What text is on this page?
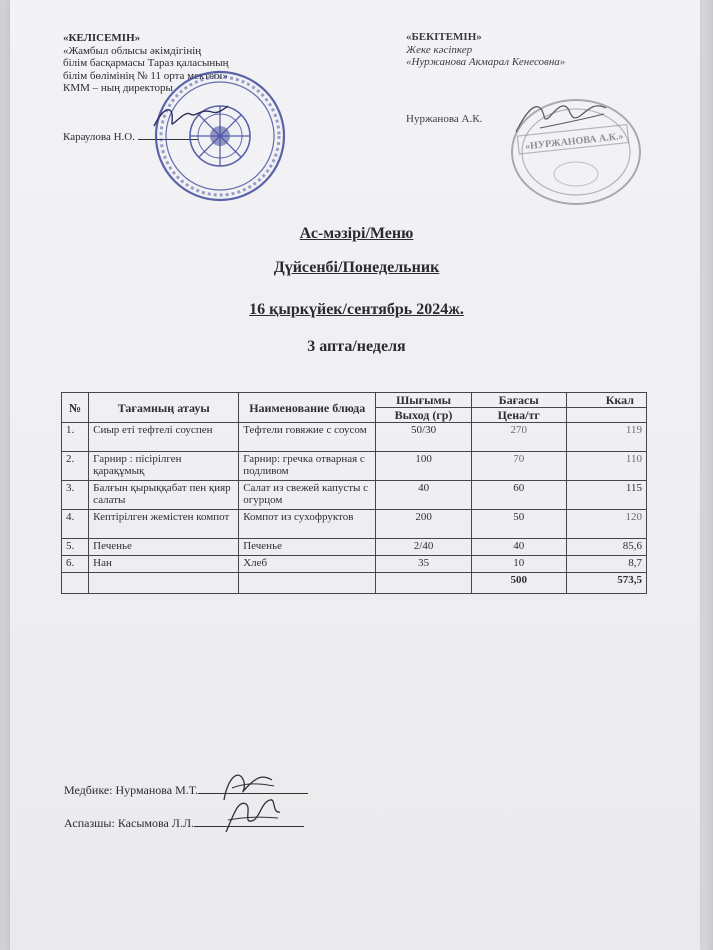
«КЕЛІСЕМІН»
«Жамбыл облысы әкімдігінің
білім басқармасы Тараз қаласының
білім бөлімінің № 11 орта мектебі»
КММ – ның директоры
Караулова Н.О.
«БЕКІТЕМІН»
Жеке кәсіпкер
«Нуржанова Акмарал Кенесовна»
Нуржанова А.К.
«НУРЖАНОВА А.К.»
Ас-мәзірі/Меню
Дүйсенбі/Понедельник
16 қыркүйек/сентябрь 2024ж.
3 апта/неделя
№	Тағамның атауы	Наименование блюда	Шығымы	Бағасы	Ккал
			Выход (гр)	Цена/тг	
1.	Сиыр еті тефтелі соуспен	Тефтели говяжие с соусом	50/30	270	119
2.	Гарнир : пісірілген қарақұмық	Гарнир: гречка отварная с подливом	100	70	110
3.	Балғын қырыққабат пен қияр салаты	Салат из свежей капусты с огурцом	40	60	115
4.	Кептірілген жемістен компот	Компот из сухофруктов	200	50	120
5.	Печенье	Печенье	2/40	40	85,6
6.	Нан	Хлеб	35	10	8,7
				500	573,5
Медбике: Нурманова М.Т.
Аспазшы: Касымова Л.Л.
